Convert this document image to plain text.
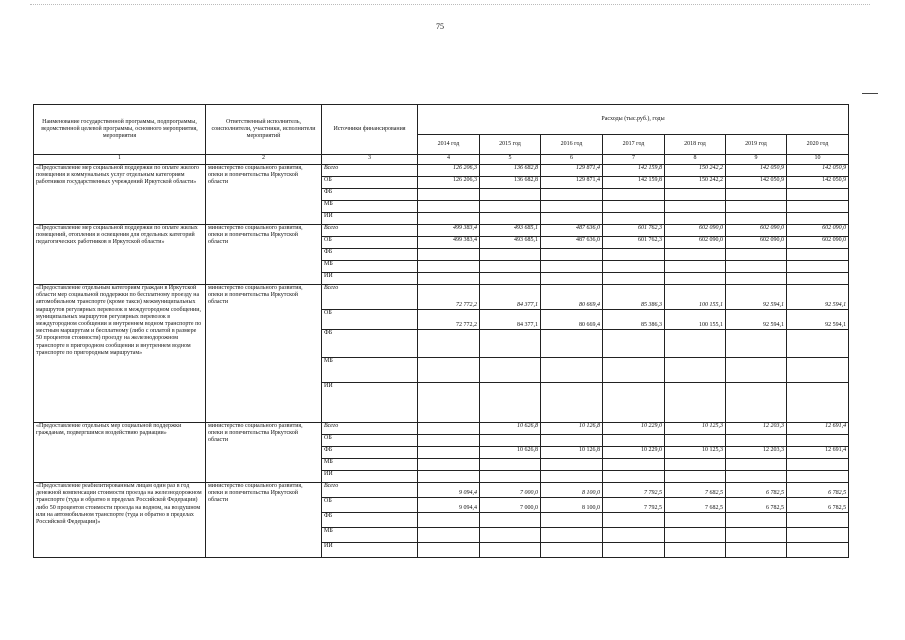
75
Наименование государственной программы, подпрограммы, ведомственной целевой программы, основного мероприятия, мероприятия	Ответственный исполнитель, соисполнители, участники, исполнители мероприятий	Источники финансирования	Расходы (тыс.руб.), годы						
			2014 год	2015 год	2016 год	2017 год	2018 год	2019 год	2020 год
1	2	3	4	5	6	7	8	9	10
«Предоставление мер социальной поддержки по оплате жилого помещения и коммунальных услуг отдельным категориям работников государственных учреждений Иркутской области»	министерство социального развития, опеки и попечительства Иркутской области	Всего	126 206,3	136 682,8	129 871,4	142 159,8	150 242,2	142 050,9	142 050,9
		ОБ	126 206,3	136 682,8	129 871,4	142 159,8	150 242,2	142 050,9	142 050,9
		ФБ							
		МБ							
		ИИ							
«Предоставление мер социальной поддержки по оплате жилых помещений, отопления и освещения для отдельных категорий педагогических работников в Иркутской области»	министерство социального развития, опеки и попечительства Иркутской области	Всего	499 383,4	493 685,1	487 636,0	601 762,3	602 090,0	602 090,0	602 090,0
		ОБ	499 383,4	493 685,1	487 636,0	601 762,3	602 090,0	602 090,0	602 090,0
		ФБ							
		МБ							
		ИИ							
«Предоставление отдельным категориям граждан в Иркутской области мер социальной поддержки по бесплатному проезду на автомобильном транспорте (кроме такси) межмуниципальных маршрутов регулярных перевозок в междугородном сообщении, муниципальных маршрутов регулярных перевозок в междугородном сообщении и внутреннем водном транспорте по местным маршрутам и бесплатному (либо с оплатой в размере 50 процентов стоимости) проезду на железнодорожном транспорте в пригородном сообщении и внутреннем водном транспорте по пригородным маршрутам»	министерство социального развития, опеки и попечительства Иркутской области	Всего	72 772,2	84 377,1	80 669,4	85 386,3	100 155,1	92 594,1	92 594,1
		ОБ	72 772,2	84 377,1	80 669,4	85 386,3	100 155,1	92 594,1	92 594,1
		ФБ							
		МБ							
		ИИ							
«Предоставление отдельных мер социальной поддержки гражданам, подвергшимся воздействию радиации»	министерство социального развития, опеки и попечительства Иркутской области	Всего		10 626,8	10 126,8	10 229,0	10 125,3	12 203,3	12 691,4
		ОБ							
		ФБ		10 626,8	10 126,8	10 229,0	10 125,3	12 203,3	12 691,4
		МБ							
		ИИ							
«Предоставление реабилитированным лицам один раз в год денежной компенсации стоимости проезда на железнодорожном транспорте (туда и обратно в пределах Российской Федерации) либо 50 процентов стоимости проезда на водном, на воздушном или на автомобильном транспорте (туда и обратно в пределах Российской Федерации)»	министерство социального развития, опеки и попечительства Иркутской области	Всего	9 094,4	7 000,0	8 100,0	7 792,5	7 682,5	6 782,5	6 782,5
		ОБ	9 094,4	7 000,0	8 100,0	7 792,5	7 682,5	6 782,5	6 782,5
		ФБ							
		МБ							
		ИИ							
